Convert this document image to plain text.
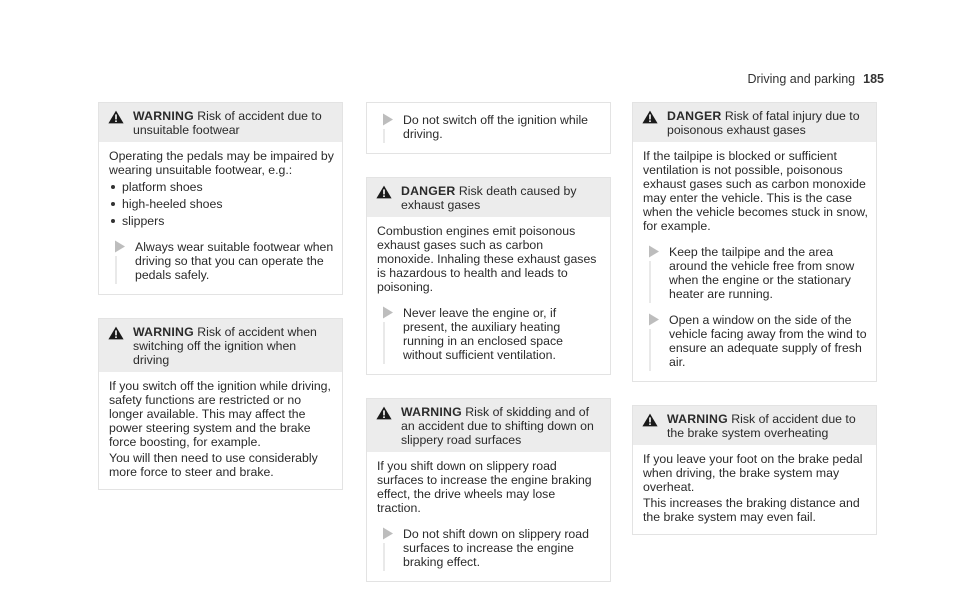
Driving and parking 185
WARNING Risk of accident due to unsuitable footwear

Operating the pedals may be impaired by wearing unsuitable footwear, e.g.:

platform shoes
high-heeled shoes
slippers
Always wear suitable footwear when driving so that you can operate the pedals safely.
WARNING Risk of accident when switching off the ignition when driving

If you switch off the ignition while driving, safety functions are restricted or no longer available. This may affect the power steering system and the brake force boosting, for example.

You will then need to use considerably more force to steer and brake.

Do not switch off the ignition while driving.
DANGER Risk death caused by exhaust gases

Combustion engines emit poisonous exhaust gases such as carbon monoxide. Inhaling these exhaust gases is hazardous to health and leads to poisoning.

Never leave the engine or, if present, the auxiliary heating running in an enclosed space without sufficient ventilation.
WARNING Risk of skidding and of an accident due to shifting down on slippery road surfaces

If you shift down on slippery road surfaces to increase the engine braking effect, the drive wheels may lose traction.

Do not shift down on slippery road surfaces to increase the engine braking effect.
DANGER Risk of fatal injury due to poisonous exhaust gases

If the tailpipe is blocked or sufficient ventilation is not possible, poisonous exhaust gases such as carbon monoxide may enter the vehicle. This is the case when the vehicle becomes stuck in snow, for example.

Keep the tailpipe and the area around the vehicle free from snow when the engine or the stationary heater are running.
Open a window on the side of the vehicle facing away from the wind to ensure an adequate supply of fresh air.
WARNING Risk of accident due to the brake system overheating

If you leave your foot on the brake pedal when driving, the brake system may overheat.

This increases the braking distance and the brake system may even fail.
